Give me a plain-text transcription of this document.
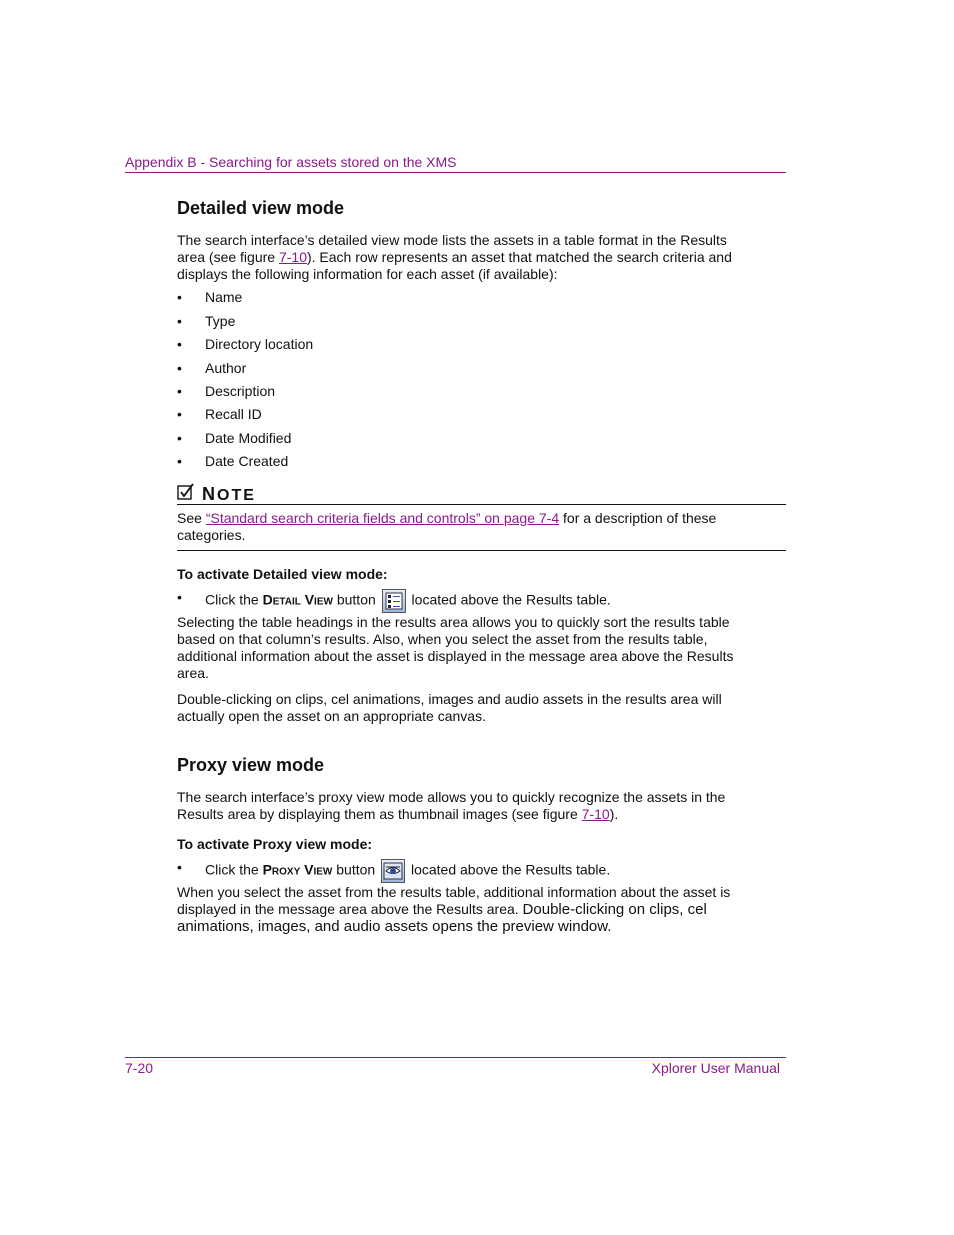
Appendix B - Searching for assets stored on the XMS
Detailed view mode
The search interface’s detailed view mode lists the assets in a table format in the Results area (see figure 7-10). Each row represents an asset that matched the search criteria and displays the following information for each asset (if available):
• Name
• Type
• Directory location
• Author
• Description
• Recall ID
• Date Modified
• Date Created
NOTE
See “Standard search criteria fields and controls” on page 7-4 for a description of these categories.
To activate Detailed view mode:
• Click the Detail View button  located above the Results table.
Selecting the table headings in the results area allows you to quickly sort the results table based on that column’s results. Also, when you select the asset from the results table, additional information about the asset is displayed in the message area above the Results area.
Double-clicking on clips, cel animations, images and audio assets in the results area will actually open the asset on an appropriate canvas.
Proxy view mode
The search interface’s proxy view mode allows you to quickly recognize the assets in the Results area by displaying them as thumbnail images (see figure 7-10).
To activate Proxy view mode:
• Click the Proxy View button  located above the Results table.
When you select the asset from the results table, additional information about the asset is displayed in the message area above the Results area. Double-clicking on clips, cel animations, images, and audio assets opens the preview window.
7-20	Xplorer User Manual
